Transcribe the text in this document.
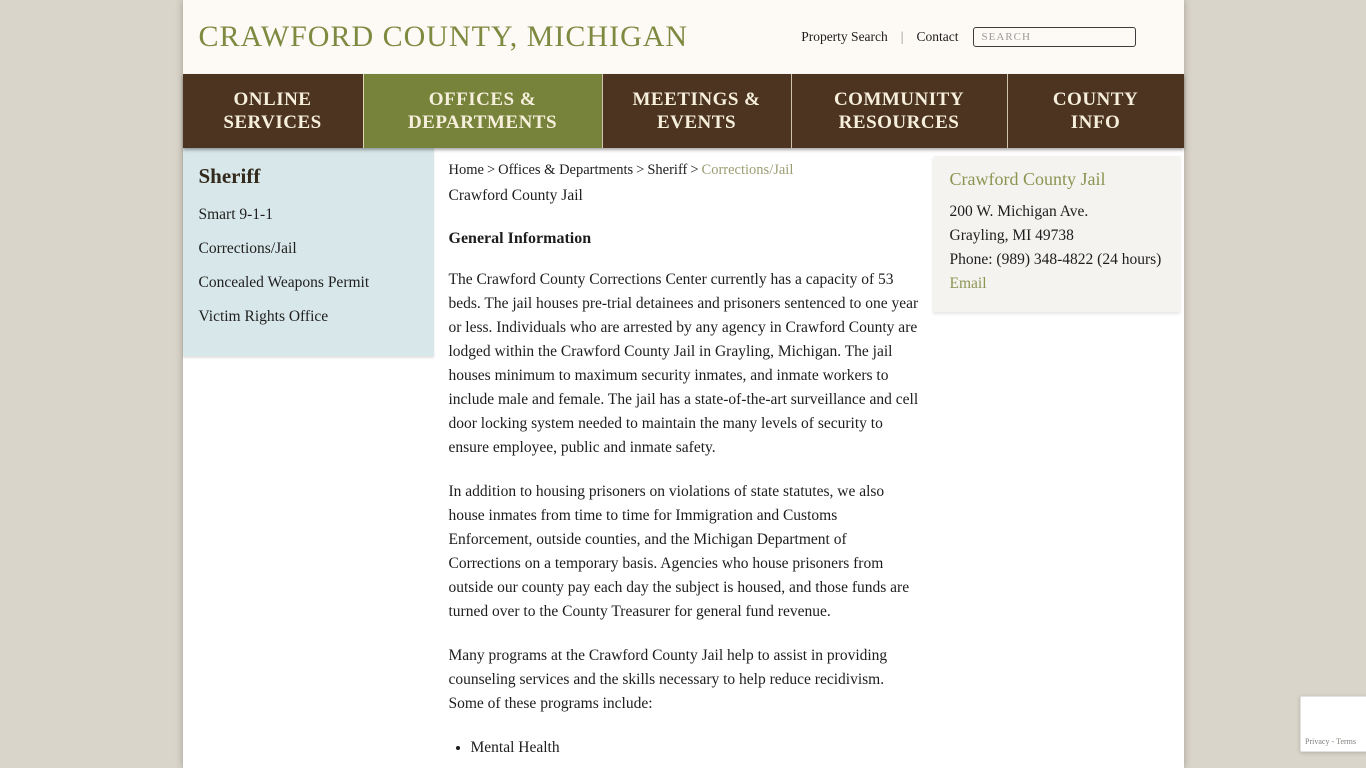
CRAWFORD COUNTY, MICHIGAN	Property Search | Contact
SEARCH
ONLINE
SERVICES
OFFICES &
DEPARTMENTS
MEETINGS &
EVENTS
COMMUNITY
RESOURCES
COUNTY
INFO
Sheriff
Smart 9-1-1
Corrections/Jail
Concealed Weapons Permit
Victim Rights Office
Home > Offices & Departments > Sheriff > Corrections/Jail
Crawford County Jail
General Information

The Crawford County Corrections Center currently has a capacity of 53 beds. The jail houses pre-trial detainees and prisoners sentenced to one year or less. Individuals who are arrested by any agency in Crawford County are lodged within the Crawford County Jail in Grayling, Michigan. The jail houses minimum to maximum security inmates, and inmate workers to include male and female. The jail has a state-of-the-art surveillance and cell door locking system needed to maintain the many levels of security to ensure employee, public and inmate safety.

In addition to housing prisoners on violations of state statutes, we also house inmates from time to time for Immigration and Customs Enforcement, outside counties, and the Michigan Department of Corrections on a temporary basis. Agencies who house prisoners from outside our county pay each day the subject is housed, and those funds are turned over to the County Treasurer for general fund revenue.

Many programs at the Crawford County Jail help to assist in providing counseling services and the skills necessary to help reduce recidivism. Some of these programs include:

• Mental Health
Crawford County Jail
200 W. Michigan Ave.
Grayling, MI 49738
Phone: (989) 348-4822 (24 hours)
Email
Privacy - Terms
